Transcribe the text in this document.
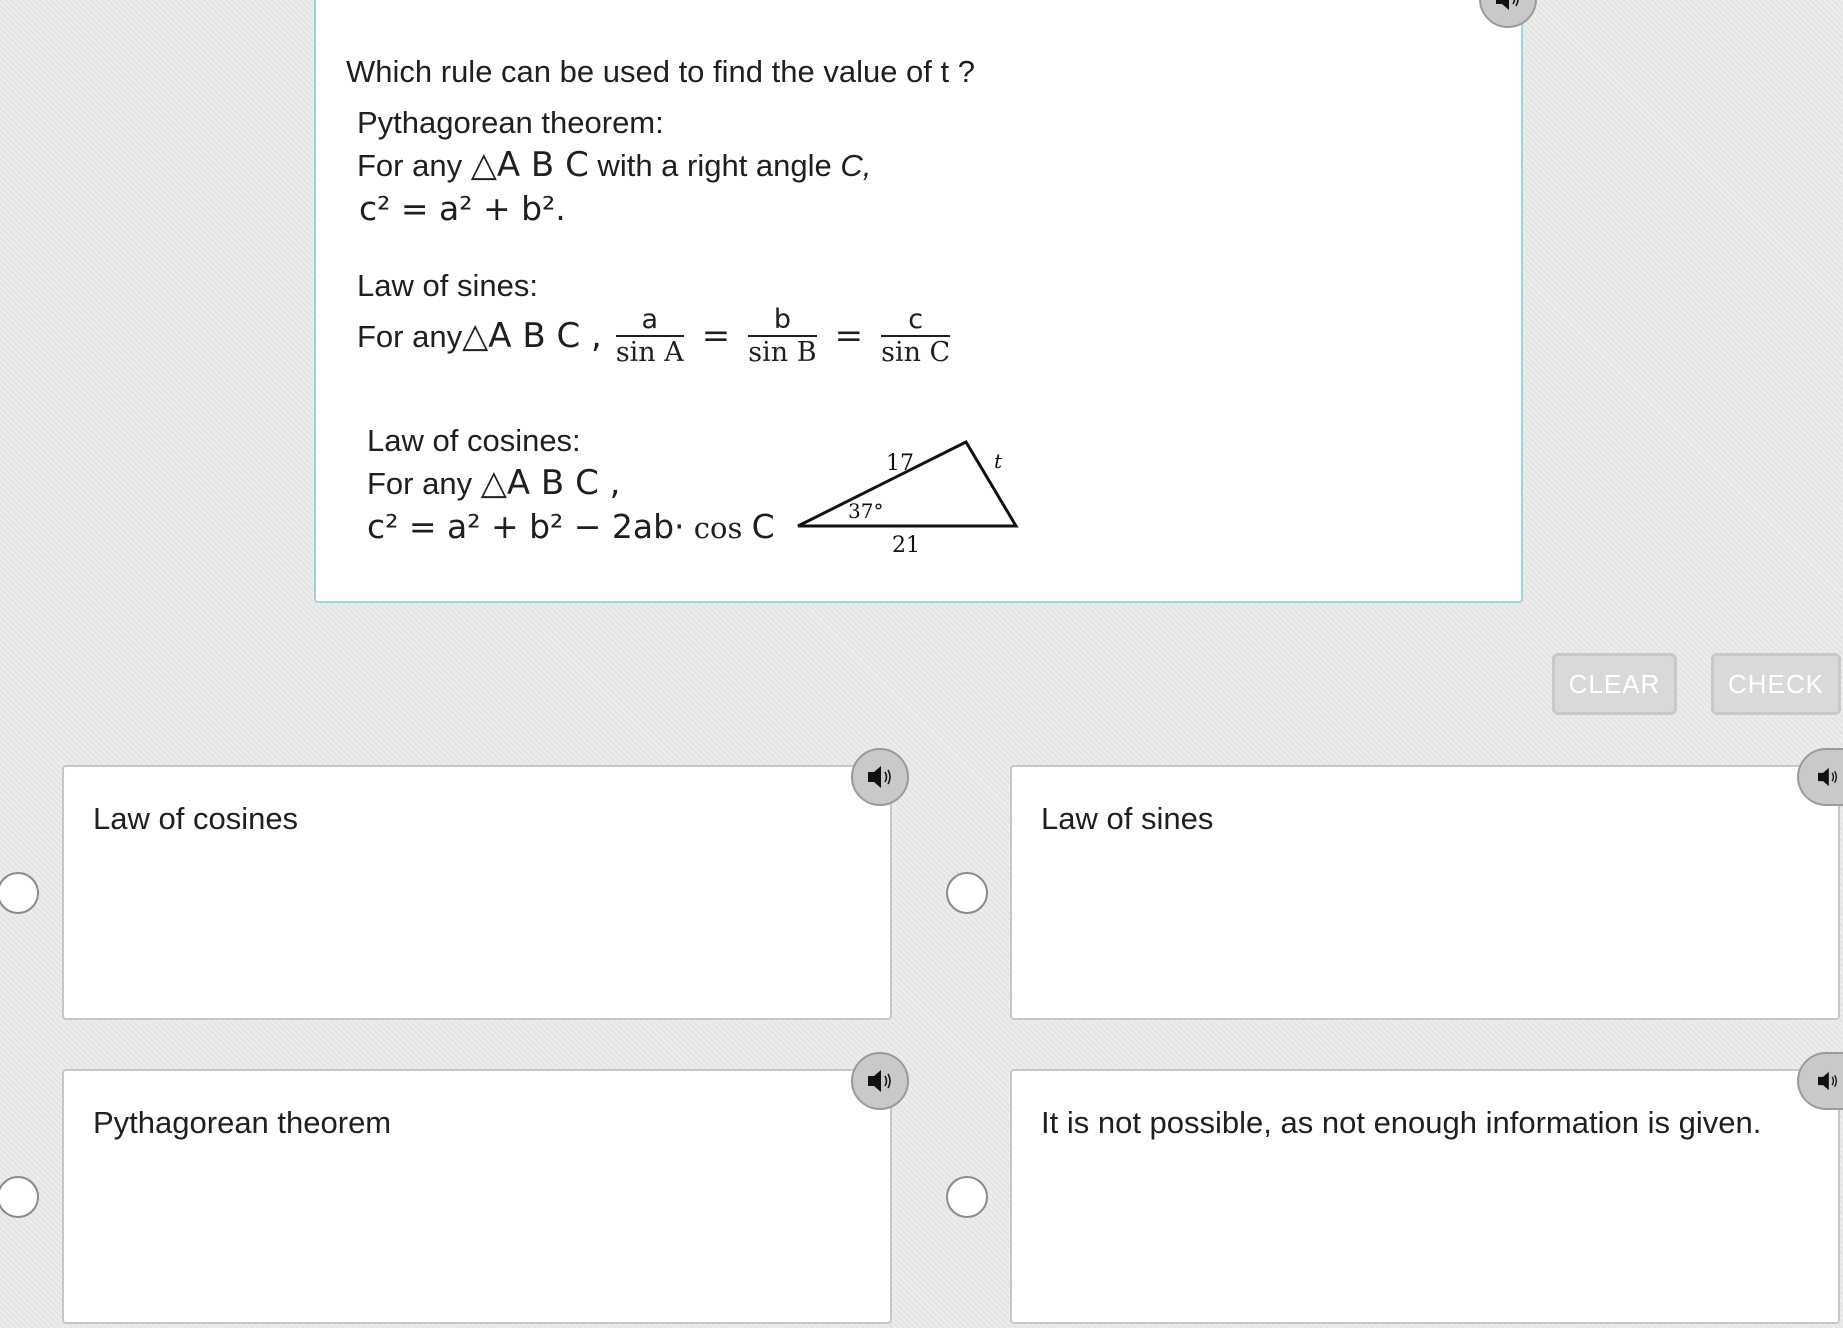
Which rule can be used to find the value of t ?
Pythagorean theorem:
For any △A B C with a right angle C,
c² = a² + b².
Law of sines:
For any △A B C , $\frac{a}{\text{sin A}} = \frac{b}{\text{sin B}} = \frac{c}{\text{sin C}}$
Law of cosines:
For any △A B C ,
c² = a² + b² − 2ab· cos C
17	t
37°
21
CLEAR	CHECK
Law of cosines	Law of sines
Pythagorean theorem	It is not possible, as not enough information is given.
